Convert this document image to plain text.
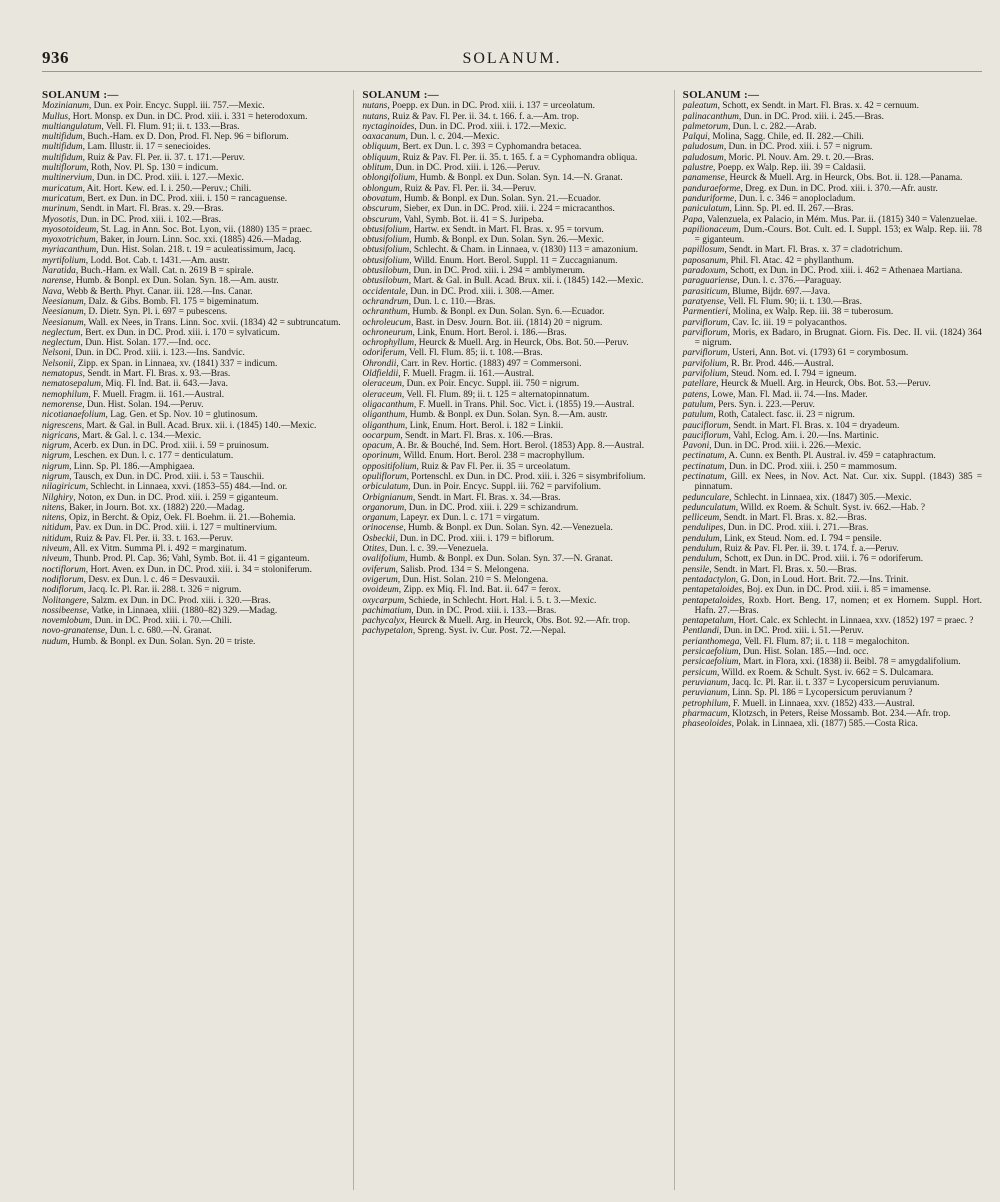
936	SOLANUM.
SOLANUM :—

Mozinianum, Dun. ex Poir. Encyc. Suppl. iii. 757.—Mexic.

Mullus, Hort. Monsp. ex Dun. in DC. Prod. xiii. i. 331 = heterodoxum.

multiangulatum, Vell. Fl. Flum. 91; ii. t. 133.—Bras.

multifidum, Buch.-Ham. ex D. Don, Prod. Fl. Nep. 96 = biflorum.

multifidum, Lam. Illustr. ii. 17 = senecioides.

multifidum, Ruiz & Pav. Fl. Per. ii. 37. t. 171.—Peruv.

multiflorum, Roth, Nov. Pl. Sp. 130 = indicum.

multinervium, Dun. in DC. Prod. xiii. i. 127.—Mexic.

muricatum, Ait. Hort. Kew. ed. I. i. 250.—Peruv.; Chili.

muricatum, Bert. ex Dun. in DC. Prod. xiii. i. 150 = rancaguense.

murinum, Sendt. in Mart. Fl. Bras. x. 29.—Bras.

Myosotis, Dun. in DC. Prod. xiii. i. 102.—Bras.

myosotoideum, St. Lag. in Ann. Soc. Bot. Lyon, vii. (1880) 135 = praec.

myoxotrichum, Baker, in Journ. Linn. Soc. xxi. (1885) 426.—Madag.

myriacanthum, Dun. Hist. Solan. 218. t. 19 = aculeatissimum, Jacq.

myrtifolium, Lodd. Bot. Cab. t. 1431.—Am. austr.

Naratida, Buch.-Ham. ex Wall. Cat. n. 2619 B = spirale.

narense, Humb. & Bonpl. ex Dun. Solan. Syn. 18.—Am. austr.

Nava, Webb & Berth. Phyt. Canar. iii. 128.—Ins. Canar.

Neesianum, Dalz. & Gibs. Bomb. Fl. 175 = bigeminatum.

Neesianum, D. Dietr. Syn. Pl. i. 697 = pubescens.

Neesianum, Wall. ex Nees, in Trans. Linn. Soc. xvii. (1834) 42 = subtruncatum.

neglectum, Bert. ex Dun. in DC. Prod. xiii. i. 170 = sylvaticum.

neglectum, Dun. Hist. Solan. 177.—Ind. occ.

Nelsoni, Dun. in DC. Prod. xiii. i. 123.—Ins. Sandvic.

Nelsonii, Zipp. ex Span. in Linnaea, xv. (1841) 337 = indicum.

nematopus, Sendt. in Mart. Fl. Bras. x. 93.—Bras.

nematosepalum, Miq. Fl. Ind. Bat. ii. 643.—Java.

nemophilum, F. Muell. Fragm. ii. 161.—Austral.

nemorense, Dun. Hist. Solan. 194.—Peruv.

nicotianaefolium, Lag. Gen. et Sp. Nov. 10 = glutinosum.

nigrescens, Mart. & Gal. in Bull. Acad. Brux. xii. i. (1845) 140.—Mexic.

nigricans, Mart. & Gal. l. c. 134.—Mexic.

nigrum, Acerb. ex Dun. in DC. Prod. xiii. i. 59 = pruinosum.

nigrum, Leschen. ex Dun. l. c. 177 = denticulatum.

nigrum, Linn. Sp. Pl. 186.—Amphigaea.

nigrum, Tausch, ex Dun. in DC. Prod. xiii. i. 53 = Tauschii.

nilagiricum, Schlecht. in Linnaea, xxvi. (1853–55) 484.—Ind. or.

Nilghiry, Noton, ex Dun. in DC. Prod. xiii. i. 259 = giganteum.

nitens, Baker, in Journ. Bot. xx. (1882) 220.—Madag.

nitens, Opiz, in Bercht. & Opiz, Oek. Fl. Boehm. ii. 21.—Bohemia.

nitidum, Pav. ex Dun. in DC. Prod. xiii. i. 127 = multinervium.

nitidum, Ruiz & Pav. Fl. Per. ii. 33. t. 163.—Peruv.

niveum, All. ex Vitm. Summa Pl. i. 492 = marginatum.

niveum, Thunb. Prod. Pl. Cap. 36; Vahl, Symb. Bot. ii. 41 = giganteum.

noctiflorum, Hort. Aven. ex Dun. in DC. Prod. xiii. i. 34 = stoloniferum.

nodiflorum, Desv. ex Dun. l. c. 46 = Desvauxii.

nodiflorum, Jacq. Ic. Pl. Rar. ii. 288. t. 326 = nigrum.

Nolitangere, Salzm. ex Dun. in DC. Prod. xiii. i. 320.—Bras.

nossibeense, Vatke, in Linnaea, xliii. (1880–82) 329.—Madag.

novemlobum, Dun. in DC. Prod. xiii. i. 70.—Chili.

novo-granatense, Dun. l. c. 680.—N. Granat.

nudum, Humb. & Bonpl. ex Dun. Solan. Syn. 20 = triste.

SOLANUM :—

nutans, Poepp. ex Dun. in DC. Prod. xiii. i. 137 = urceolatum.

nutans, Ruiz & Pav. Fl. Per. ii. 34. t. 166. f. a.—Am. trop.

nyctaginoides, Dun. in DC. Prod. xiii. i. 172.—Mexic.

oaxacanum, Dun. l. c. 204.—Mexic.

obliquum, Bert. ex Dun. l. c. 393 = Cyphomandra betacea.

obliquum, Ruiz & Pav. Fl. Per. ii. 35. t. 165. f. a = Cyphomandra obliqua.

oblitum, Dun. in DC. Prod. xiii. i. 126.—Peruv.

oblongifolium, Humb. & Bonpl. ex Dun. Solan. Syn. 14.—N. Granat.

oblongum, Ruiz & Pav. Fl. Per. ii. 34.—Peruv.

obovatum, Humb. & Bonpl. ex Dun. Solan. Syn. 21.—Ecuador.

obscurum, Sieber, ex Dun. in DC. Prod. xiii. i. 224 = micracanthos.

obscurum, Vahl, Symb. Bot. ii. 41 = S. Juripeba.

obtusifolium, Hartw. ex Sendt. in Mart. Fl. Bras. x. 95 = torvum.

obtusifolium, Humb. & Bonpl. ex Dun. Solan. Syn. 26.—Mexic.

obtusifolium, Schlecht. & Cham. in Linnaea, v. (1830) 113 = amazonium.

obtusifolium, Willd. Enum. Hort. Berol. Suppl. 11 = Zuccagnianum.

obtusilobum, Dun. in DC. Prod. xiii. i. 294 = amblymerum.

obtusilobum, Mart. & Gal. in Bull. Acad. Brux. xii. i. (1845) 142.—Mexic.

occidentale, Dun. in DC. Prod. xiii. i. 308.—Amer.

ochrandrum, Dun. l. c. 110.—Bras.

ochranthum, Humb. & Bonpl. ex Dun. Solan. Syn. 6.—Ecuador.

ochroleucum, Bast. in Desv. Journ. Bot. iii. (1814) 20 = nigrum.

ochroneurum, Link, Enum. Hort. Berol. i. 186.—Bras.

ochrophyllum, Heurck & Muell. Arg. in Heurck, Obs. Bot. 50.—Peruv.

odoriferum, Vell. Fl. Flum. 85; ii. t. 108.—Bras.

Ohrondii, Carr. in Rev. Hortic. (1883) 497 = Commersoni.

Oldfieldii, F. Muell. Fragm. ii. 161.—Austral.

oleraceum, Dun. ex Poir. Encyc. Suppl. iii. 750 = nigrum.

oleraceum, Vell. Fl. Flum. 89; ii. t. 125 = alternatopinnatum.

oligacanthum, F. Muell. in Trans. Phil. Soc. Vict. i. (1855) 19.—Austral.

oliganthum, Humb. & Bonpl. ex Dun. Solan. Syn. 8.—Am. austr.

oliganthum, Link, Enum. Hort. Berol. i. 182 = Linkii.

oocarpum, Sendt. in Mart. Fl. Bras. x. 106.—Bras.

opacum, A. Br. & Bouché, Ind. Sem. Hort. Berol. (1853) App. 8.—Austral.

oporinum, Willd. Enum. Hort. Berol. 238 = macrophyllum.

oppositifolium, Ruiz & Pav Fl. Per. ii. 35 = urceolatum.

opuliflorum, Portenschl. ex Dun. in DC. Prod. xiii. i. 326 = sisymbrifolium.

orbiculatum, Dun. in Poir. Encyc. Suppl. iii. 762 = parvifolium.

Orbignianum, Sendt. in Mart. Fl. Bras. x. 34.—Bras.

organorum, Dun. in DC. Prod. xiii. i. 229 = schizandrum.

organum, Lapeyr. ex Dun. l. c. 171 = virgatum.

orinocense, Humb. & Bonpl. ex Dun. Solan. Syn. 42.—Venezuela.

Osbeckii, Dun. in DC. Prod. xiii. i. 179 = biflorum.

Otites, Dun. l. c. 39.—Venezuela.

ovalifolium, Humb. & Bonpl. ex Dun. Solan. Syn. 37.—N. Granat.

oviferum, Salisb. Prod. 134 = S. Melongena.

ovigerum, Dun. Hist. Solan. 210 = S. Melongena.

ovoideum, Zipp. ex Miq. Fl. Ind. Bat. ii. 647 = ferox.

oxycarpum, Schiede, in Schlecht. Hort. Hal. i. 5. t. 3.—Mexic.

pachimatium, Dun. in DC. Prod. xiii. i. 133.—Bras.

pachycalyx, Heurck & Muell. Arg. in Heurck, Obs. Bot. 92.—Afr. trop.

pachypetalon, Spreng. Syst. iv. Cur. Post. 72.—Nepal.

SOLANUM :—

paleatum, Schott, ex Sendt. in Mart. Fl. Bras. x. 42 = cernuum.

palinacanthum, Dun. in DC. Prod. xiii. i. 245.—Bras.

palmetorum, Dun. l. c. 282.—Arab.

Palqui, Molina, Sagg. Chile, ed. II. 282.—Chili.

paludosum, Dun. in DC. Prod. xiii. i. 57 = nigrum.

paludosum, Moric. Pl. Nouv. Am. 29. t. 20.—Bras.

palustre, Poepp. ex Walp. Rep. iii. 39 = Caldasii.

panamense, Heurck & Muell. Arg. in Heurck, Obs. Bot. ii. 128.—Panama.

panduraeforme, Dreg. ex Dun. in DC. Prod. xiii. i. 370.—Afr. austr.

panduriforme, Dun. l. c. 346 = anoplocladum.

paniculatum, Linn. Sp. Pl. ed. II. 267.—Bras.

Papa, Valenzuela, ex Palacio, in Mém. Mus. Par. ii. (1815) 340 = Valenzuelae.

papilionaceum, Dum.-Cours. Bot. Cult. ed. I. Suppl. 153; ex Walp. Rep. iii. 78 = giganteum.

papillosum, Sendt. in Mart. Fl. Bras. x. 37 = cladotrichum.

paposanum, Phil. Fl. Atac. 42 = phyllanthum.

paradoxum, Schott, ex Dun. in DC. Prod. xiii. i. 462 = Athenaea Martiana.

paraguariense, Dun. l. c. 376.—Paraguay.

parasiticum, Blume, Bijdr. 697.—Java.

paratyense, Vell. Fl. Flum. 90; ii. t. 130.—Bras.

Parmentieri, Molina, ex Walp. Rep. iii. 38 = tuberosum.

parviflorum, Cav. Ic. iii. 19 = polyacanthos.

parviflorum, Moris, ex Badaro, in Brugnat. Giorn. Fis. Dec. II. vii. (1824) 364 = nigrum.

parviflorum, Usteri, Ann. Bot. vi. (1793) 61 = corymbosum.

parvifolium, R. Br. Prod. 446.—Austral.

parvifolium, Steud. Nom. ed. I. 794 = igneum.

patellare, Heurck & Muell. Arg. in Heurck, Obs. Bot. 53.—Peruv.

patens, Lowe, Man. Fl. Mad. ii. 74.—Ins. Mader.

patulum, Pers. Syn. i. 223.—Peruv.

patulum, Roth, Catalect. fasc. ii. 23 = nigrum.

pauciflorum, Sendt. in Mart. Fl. Bras. x. 104 = dryadeum.

pauciflorum, Vahl, Eclog. Am. i. 20.—Ins. Martinic.

Pavoni, Dun. in DC. Prod. xiii. i. 226.—Mexic.

pectinatum, A. Cunn. ex Benth. Pl. Austral. iv. 459 = cataphractum.

pectinatum, Dun. in DC. Prod. xiii. i. 250 = mammosum.

pectinatum, Gill. ex Nees, in Nov. Act. Nat. Cur. xix. Suppl. (1843) 385 = pinnatum.

pedunculare, Schlecht. in Linnaea, xix. (1847) 305.—Mexic.

pedunculatum, Willd. ex Roem. & Schult. Syst. iv. 662.—Hab. ?

pelliceum, Sendt. in Mart. Fl. Bras. x. 82.—Bras.

pendulipes, Dun. in DC. Prod. xiii. i. 271.—Bras.

pendulum, Link, ex Steud. Nom. ed. I. 794 = pensile.

pendulum, Ruiz & Pav. Fl. Per. ii. 39. t. 174. f. a.—Peruv.

pendulum, Schott, ex Dun. in DC. Prod. xiii. i. 76 = odoriferum.

pensile, Sendt. in Mart. Fl. Bras. x. 50.—Bras.

pentadactylon, G. Don, in Loud. Hort. Brit. 72.—Ins. Trinit.

pentapetaloides, Boj. ex Dun. in DC. Prod. xiii. i. 85 = imamense.

pentapetaloides, Roxb. Hort. Beng. 17, nomen; et ex Hornem. Suppl. Hort. Hafn. 27.—Bras.

pentapetalum, Hort. Calc. ex Schlecht. in Linnaea, xxv. (1852) 197 = praec. ?

Pentlandi, Dun. in DC. Prod. xiii. i. 51.—Peruv.

perianthomega, Vell. Fl. Flum. 87; ii. t. 118 = megalochiton.

persicaefolium, Dun. Hist. Solan. 185.—Ind. occ.

persicaefolium, Mart. in Flora, xxi. (1838) ii. Beibl. 78 = amygdalifolium.

persicum, Willd. ex Roem. & Schult. Syst. iv. 662 = S. Dulcamara.

peruvianum, Jacq. Ic. Pl. Rar. ii. t. 337 = Lycopersicum peruvianum.

peruvianum, Linn. Sp. Pl. 186 = Lycopersicum peruvianum ?

petrophilum, F. Muell. in Linnaea, xxv. (1852) 433.—Austral.

pharmacum, Klotzsch, in Peters, Reise Mossamb. Bot. 234.—Afr. trop.

phaseoloides, Polak. in Linnaea, xli. (1877) 585.—Costa Rica.
